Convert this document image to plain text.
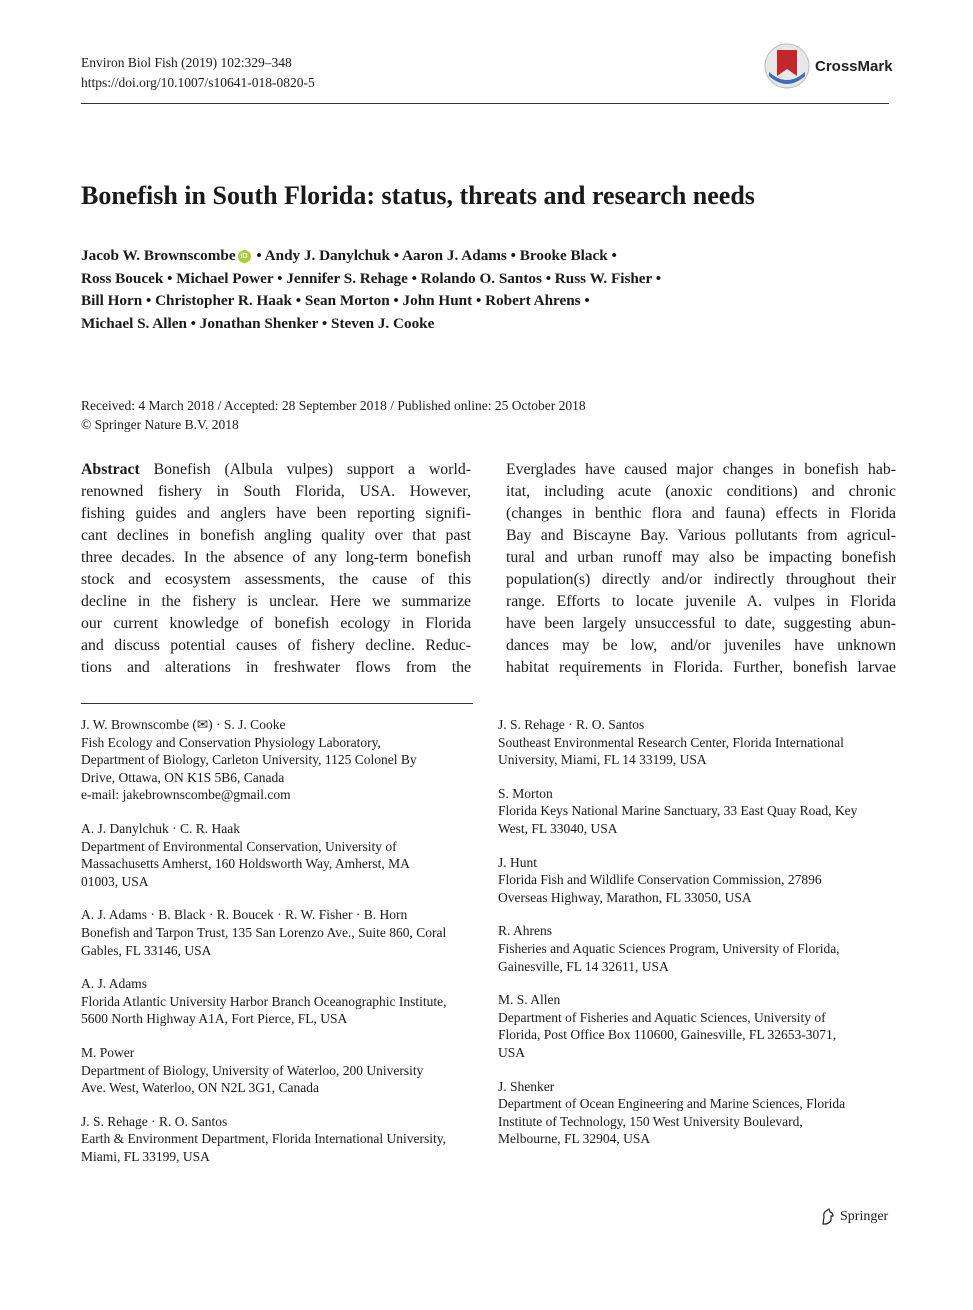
Environ Biol Fish (2019) 102:329–348
https://doi.org/10.1007/s10641-018-0820-5
CrossMark
Bonefish in South Florida: status, threats and research needs
Jacob W. Brownscombe iD • Andy J. Danylchuk • Aaron J. Adams • Brooke Black •
Ross Boucek • Michael Power • Jennifer S. Rehage • Rolando O. Santos • Russ W. Fisher •
Bill Horn • Christopher R. Haak • Sean Morton • John Hunt • Robert Ahrens •
Michael S. Allen • Jonathan Shenker • Steven J. Cooke
Received: 4 March 2018 / Accepted: 28 September 2018 / Published online: 25 October 2018
© Springer Nature B.V. 2018
Abstract Bonefish (Albula vulpes) support a world-
renowned fishery in South Florida, USA. However,
fishing guides and anglers have been reporting signifi-
cant declines in bonefish angling quality over that past
three decades. In the absence of any long-term bonefish
stock and ecosystem assessments, the cause of this
decline in the fishery is unclear. Here we summarize
our current knowledge of bonefish ecology in Florida
and discuss potential causes of fishery decline. Reduc-
tions and alterations in freshwater flows from the
Everglades have caused major changes in bonefish hab-
itat, including acute (anoxic conditions) and chronic
(changes in benthic flora and fauna) effects in Florida
Bay and Biscayne Bay. Various pollutants from agricul-
tural and urban runoff may also be impacting bonefish
population(s) directly and/or indirectly throughout their
range. Efforts to locate juvenile A. vulpes in Florida
have been largely unsuccessful to date, suggesting abun-
dances may be low, and/or juveniles have unknown
habitat requirements in Florida. Further, bonefish larvae
J. W. Brownscombe (✉) · S. J. Cooke
Fish Ecology and Conservation Physiology Laboratory,
Department of Biology, Carleton University, 1125 Colonel By
Drive, Ottawa, ON K1S 5B6, Canada
e-mail: jakebrownscombe@gmail.com
A. J. Danylchuk · C. R. Haak
Department of Environmental Conservation, University of
Massachusetts Amherst, 160 Holdsworth Way, Amherst, MA
01003, USA
A. J. Adams · B. Black · R. Boucek · R. W. Fisher · B. Horn
Bonefish and Tarpon Trust, 135 San Lorenzo Ave., Suite 860, Coral
Gables, FL 33146, USA
A. J. Adams
Florida Atlantic University Harbor Branch Oceanographic Institute,
5600 North Highway A1A, Fort Pierce, FL, USA
M. Power
Department of Biology, University of Waterloo, 200 University
Ave. West, Waterloo, ON N2L 3G1, Canada
J. S. Rehage · R. O. Santos
Earth & Environment Department, Florida International University,
Miami, FL 33199, USA
J. S. Rehage · R. O. Santos
Southeast Environmental Research Center, Florida International
University, Miami, FL 14 33199, USA
S. Morton
Florida Keys National Marine Sanctuary, 33 East Quay Road, Key
West, FL 33040, USA
J. Hunt
Florida Fish and Wildlife Conservation Commission, 27896
Overseas Highway, Marathon, FL 33050, USA
R. Ahrens
Fisheries and Aquatic Sciences Program, University of Florida,
Gainesville, FL 14 32611, USA
M. S. Allen
Department of Fisheries and Aquatic Sciences, University of
Florida, Post Office Box 110600, Gainesville, FL 32653-3071,
USA
J. Shenker
Department of Ocean Engineering and Marine Sciences, Florida
Institute of Technology, 150 West University Boulevard,
Melbourne, FL 32904, USA
Springer
